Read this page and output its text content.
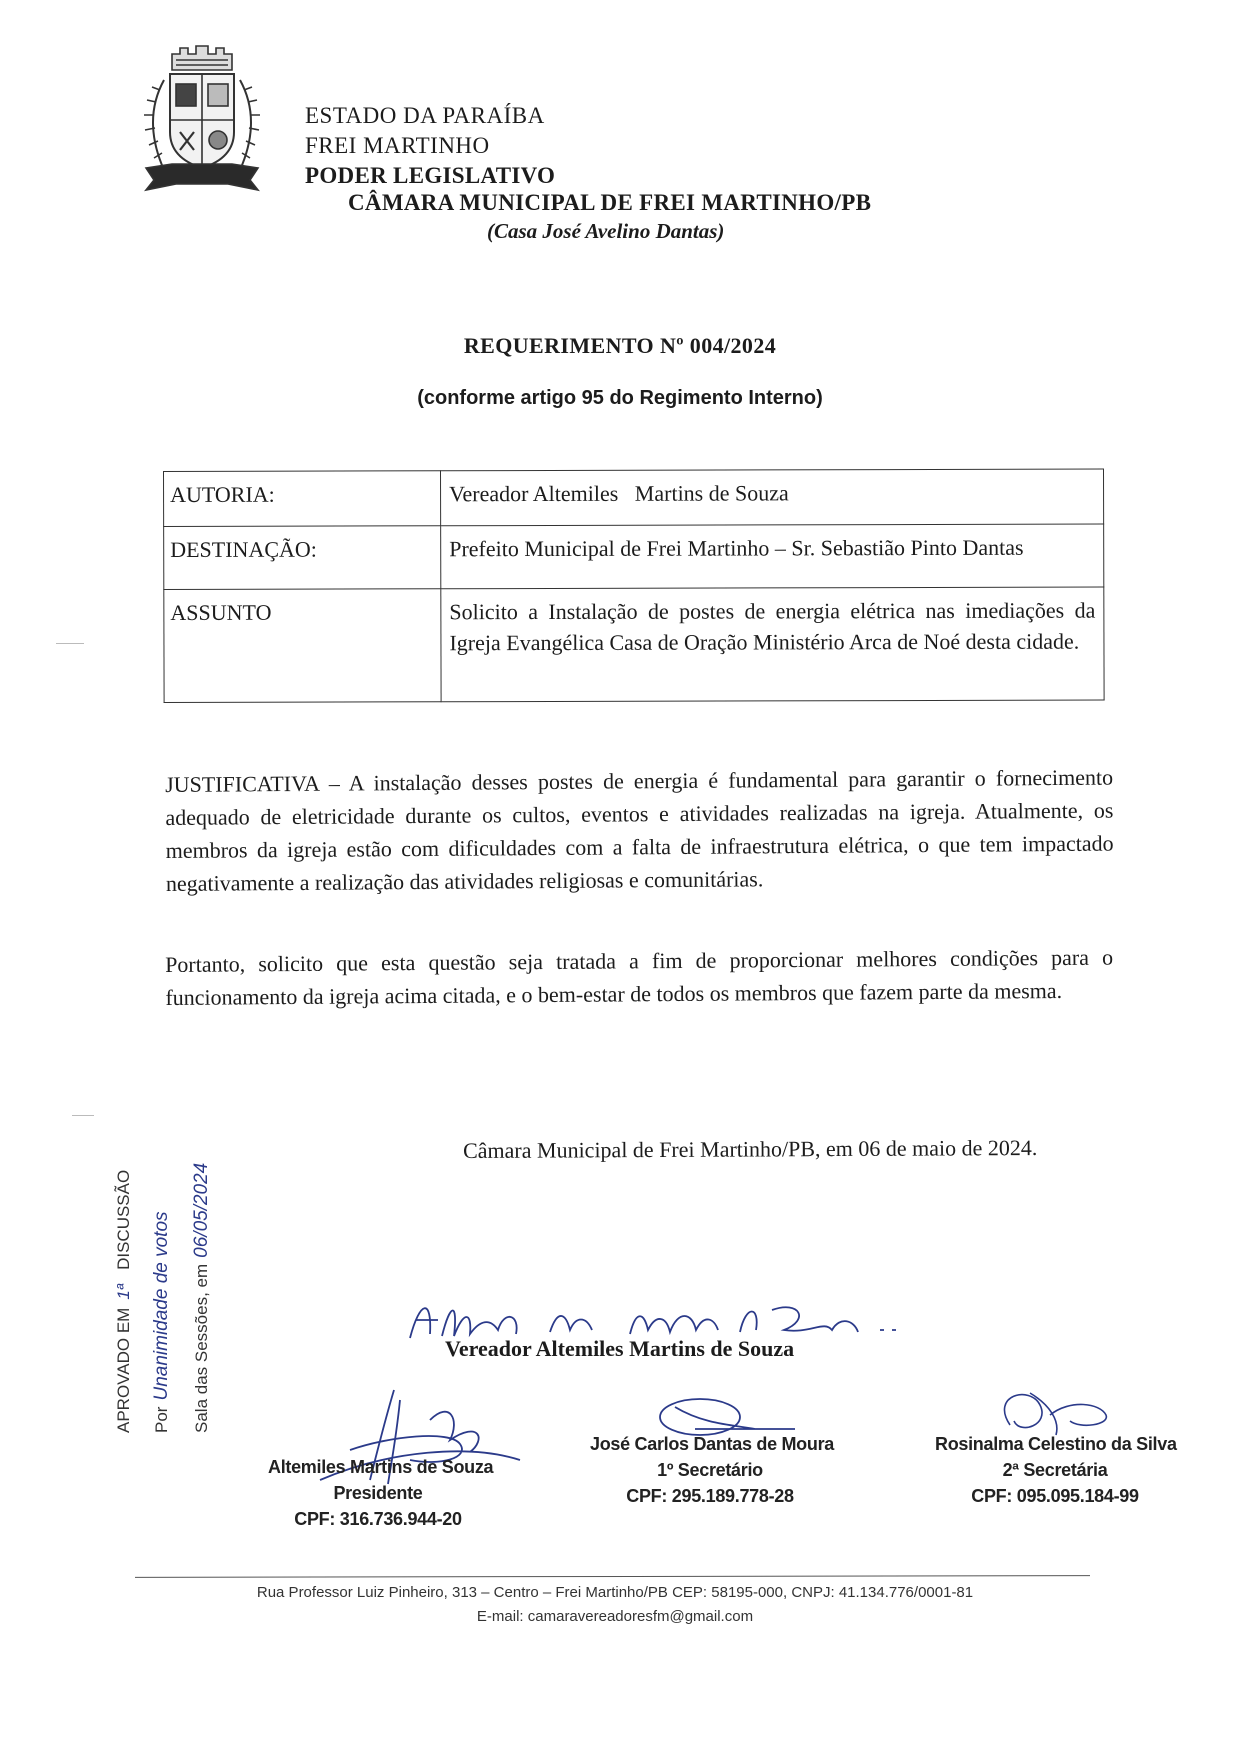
ESTADO DA PARAÍBA
FREI MARTINHO
PODER LEGISLATIVO
CÂMARA MUNICIPAL DE FREI MARTINHO/PB
(Casa José Avelino Dantas)
REQUERIMENTO Nº 004/2024
(conforme artigo 95 do Regimento Interno)
AUTORIA:	Vereador Altemiles   Martins de Souza
DESTINAÇÃO:	Prefeito Municipal de Frei Martinho – Sr. Sebastião Pinto Dantas
ASSUNTO	Solicito a Instalação de postes de energia elétrica nas imediações da Igreja Evangélica Casa de Oração Ministério Arca de Noé desta cidade.
JUSTIFICATIVA – A instalação desses postes de energia é fundamental para garantir o fornecimento adequado de eletricidade durante os cultos, eventos e atividades realizadas na igreja. Atualmente, os membros da igreja estão com dificuldades com a falta de infraestrutura elétrica, o que tem impactado negativamente a realização das atividades religiosas e comunitárias.
Portanto, solicito que esta questão seja tratada a fim de proporcionar melhores condições para o funcionamento da igreja acima citada, e o bem-estar de todos os membros que fazem parte da mesma.
Câmara Municipal de Frei Martinho/PB, em 06 de maio de 2024.
Vereador Altemiles Martins de Souza
Altemiles Martins de Souza
Presidente
CPF: 316.736.944-20
José Carlos Dantas de Moura
1º Secretário
CPF: 295.189.778-28
Rosinalma Celestino da Silva
2ª Secretária
CPF: 095.095.184-99
APROVADO EM1ªDISCUSSÃO
PorUnanimidade de votos Sala das Sessões, em06/05/2024
Rua Professor Luiz Pinheiro, 313 – Centro – Frei Martinho/PB CEP: 58195-000, CNPJ: 41.134.776/0001-81
E-mail: camaravereadoresfm@gmail.com
